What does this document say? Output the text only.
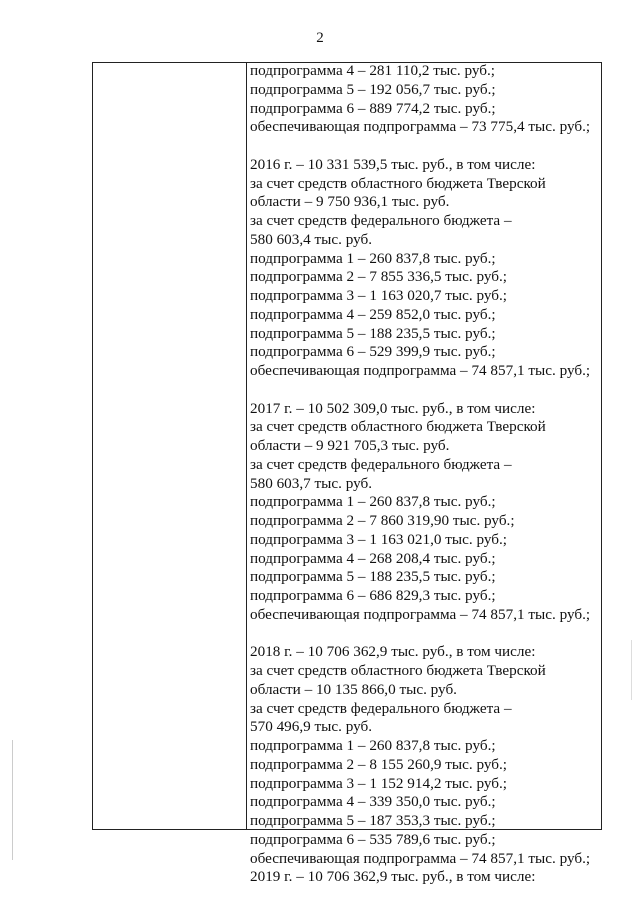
2
подпрограмма 4 – 281 110,2 тыс. руб.;
подпрограмма 5 – 192 056,7 тыс. руб.;
подпрограмма 6 – 889 774,2 тыс. руб.;
обеспечивающая подпрограмма – 73 775,4 тыс. руб.;
2016 г. – 10 331 539,5 тыс. руб., в том числе:
за счет средств областного бюджета Тверской
области – 9 750 936,1 тыс. руб.
за счет средств федерального бюджета –
580 603,4 тыс. руб.
подпрограмма 1 – 260 837,8 тыс. руб.;
подпрограмма 2 – 7 855 336,5 тыс. руб.;
подпрограмма 3 – 1 163 020,7 тыс. руб.;
подпрограмма 4 – 259 852,0 тыс. руб.;
подпрограмма 5 – 188 235,5 тыс. руб.;
подпрограмма 6 – 529 399,9 тыс. руб.;
обеспечивающая подпрограмма – 74 857,1 тыс. руб.;
2017 г. – 10 502 309,0 тыс. руб., в том числе:
за счет средств областного бюджета Тверской
области – 9 921 705,3 тыс. руб.
за счет средств федерального бюджета –
580 603,7 тыс. руб.
подпрограмма 1 – 260 837,8 тыс. руб.;
подпрограмма 2 – 7 860 319,90 тыс. руб.;
подпрограмма 3 – 1 163 021,0 тыс. руб.;
подпрограмма 4 – 268 208,4 тыс. руб.;
подпрограмма 5 – 188 235,5 тыс. руб.;
подпрограмма 6 – 686 829,3 тыс. руб.;
обеспечивающая подпрограмма – 74 857,1 тыс. руб.;
2018 г. – 10 706 362,9 тыс. руб., в том числе:
за счет средств областного бюджета Тверской
области – 10 135 866,0 тыс. руб.
за счет средств федерального бюджета –
570 496,9 тыс. руб.
подпрограмма 1 – 260 837,8 тыс. руб.;
подпрограмма 2 – 8 155 260,9 тыс. руб.;
подпрограмма 3 – 1 152 914,2 тыс. руб.;
подпрограмма 4 – 339 350,0 тыс. руб.;
подпрограмма 5 – 187 353,3 тыс. руб.;
подпрограмма 6 – 535 789,6 тыс. руб.;
обеспечивающая подпрограмма – 74 857,1 тыс. руб.;
2019 г. – 10 706 362,9 тыс. руб., в том числе:
